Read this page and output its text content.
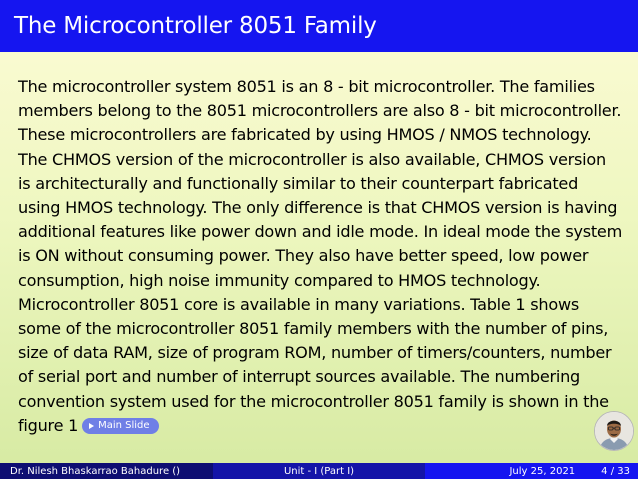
The Microcontroller 8051 Family

The microcontroller system 8051 is an 8 - bit microcontroller. The families members belong to the 8051 microcontrollers are also 8 - bit microcontroller. These microcontrollers are fabricated by using HMOS / NMOS technology. The CHMOS version of the microcontroller is also available, CHMOS version is architecturally and functionally similar to their counterpart fabricated using HMOS technology. The only difference is that CHMOS version is having additional features like power down and idle mode. In ideal mode the system is ON without consuming power. They also have better speed, low power consumption, high noise immunity compared to HMOS technology. Microcontroller 8051 core is available in many variations. Table 1 shows some of the microcontroller 8051 family members with the number of pins, size of data RAM, size of program ROM, number of timers/counters, number of serial port and number of interrupt sources available. The numbering convention system used for the microcontroller 8051 family is shown in the figure 1 Main Slide

Dr. Nilesh Bhaskarrao Bahadure ()	Unit - I (Part I)	July 25, 2021	4 / 33
